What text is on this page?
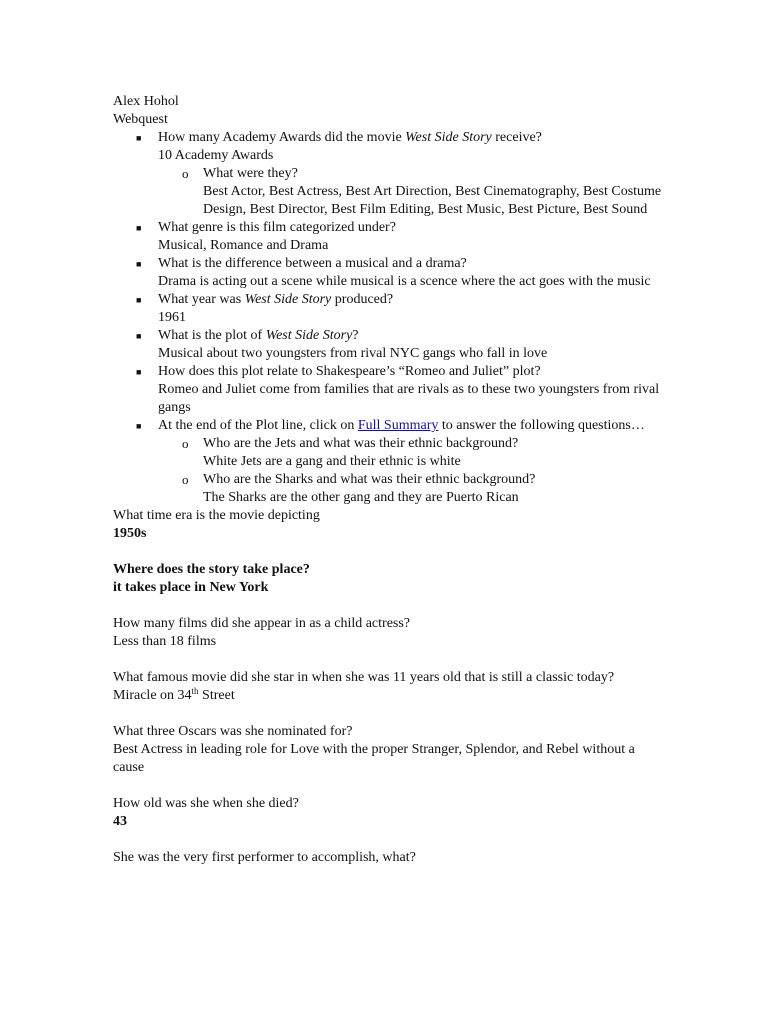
Alex Hohol
Webquest
■ How many Academy Awards did the movie West Side Story receive?
10 Academy Awards
o What were they?
Best Actor, Best Actress, Best Art Direction, Best Cinematography, Best Costume Design, Best Director, Best Film Editing, Best Music, Best Picture, Best Sound
■ What genre is this film categorized under?
Musical, Romance and Drama
■ What is the difference between a musical and a drama?
Drama is acting out a scene while musical is a scence where the act goes with the music
■ What year was West Side Story produced?
1961
■ What is the plot of West Side Story?
Musical about two youngsters from rival NYC gangs who fall in love
■ How does this plot relate to Shakespeare’s “Romeo and Juliet” plot?
Romeo and Juliet come from families that are rivals as to these two youngsters from rival gangs
■ At the end of the Plot line, click on Full Summary to answer the following questions…
o Who are the Jets and what was their ethnic background?
White Jets are a gang and their ethnic is white
o Who are the Sharks and what was their ethnic background?
The Sharks are the other gang and they are Puerto Rican
What time era is the movie depicting
1950s
Where does the story take place?
it takes place in New York
How many films did she appear in as a child actress?
Less than 18 films
What famous movie did she star in when she was 11 years old that is still a classic today?
Miracle on 34th Street
What three Oscars was she nominated for?
Best Actress in leading role for Love with the proper Stranger, Splendor, and Rebel without a cause
How old was she when she died?
43
She was the very first performer to accomplish, what?
